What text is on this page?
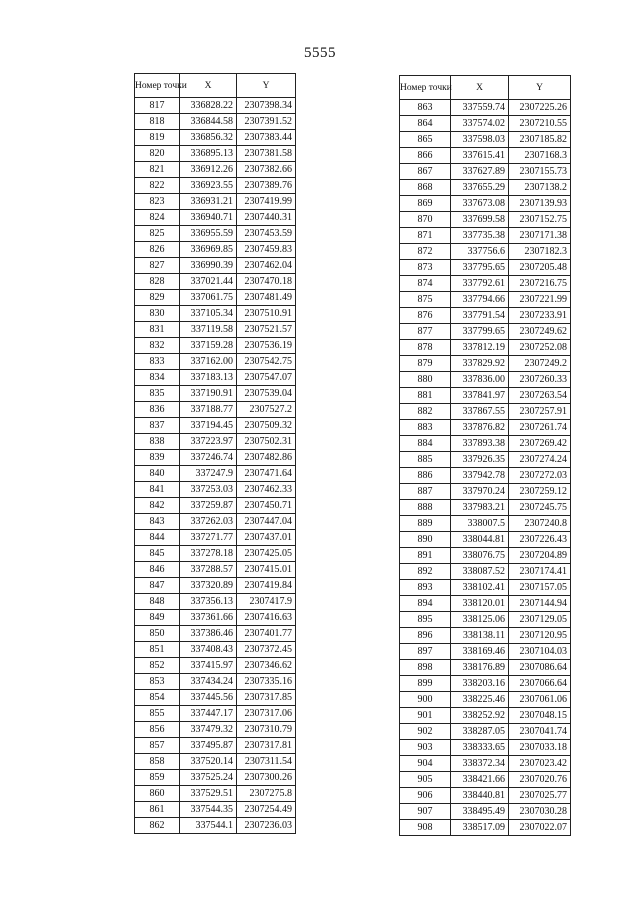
5555
Номер точки	X	Y
817	336828.22	2307398.34
818	336844.58	2307391.52
819	336856.32	2307383.44
820	336895.13	2307381.58
821	336912.26	2307382.66
822	336923.55	2307389.76
823	336931.21	2307419.99
824	336940.71	2307440.31
825	336955.59	2307453.59
826	336969.85	2307459.83
827	336990.39	2307462.04
828	337021.44	2307470.18
829	337061.75	2307481.49
830	337105.34	2307510.91
831	337119.58	2307521.57
832	337159.28	2307536.19
833	337162.00	2307542.75
834	337183.13	2307547.07
835	337190.91	2307539.04
836	337188.77	2307527.2
837	337194.45	2307509.32
838	337223.97	2307502.31
839	337246.74	2307482.86
840	337247.9	2307471.64
841	337253.03	2307462.33
842	337259.87	2307450.71
843	337262.03	2307447.04
844	337271.77	2307437.01
845	337278.18	2307425.05
846	337288.57	2307415.01
847	337320.89	2307419.84
848	337356.13	2307417.9
849	337361.66	2307416.63
850	337386.46	2307401.77
851	337408.43	2307372.45
852	337415.97	2307346.62
853	337434.24	2307335.16
854	337445.56	2307317.85
855	337447.17	2307317.06
856	337479.32	2307310.79
857	337495.87	2307317.81
858	337520.14	2307311.54
859	337525.24	2307300.26
860	337529.51	2307275.8
861	337544.35	2307254.49
862	337544.1	2307236.03
Номер точки	X	Y
863	337559.74	2307225.26
864	337574.02	2307210.55
865	337598.03	2307185.82
866	337615.41	2307168.3
867	337627.89	2307155.73
868	337655.29	2307138.2
869	337673.08	2307139.93
870	337699.58	2307152.75
871	337735.38	2307171.38
872	337756.6	2307182.3
873	337795.65	2307205.48
874	337792.61	2307216.75
875	337794.66	2307221.99
876	337791.54	2307233.91
877	337799.65	2307249.62
878	337812.19	2307252.08
879	337829.92	2307249.2
880	337836.00	2307260.33
881	337841.97	2307263.54
882	337867.55	2307257.91
883	337876.82	2307261.74
884	337893.38	2307269.42
885	337926.35	2307274.24
886	337942.78	2307272.03
887	337970.24	2307259.12
888	337983.21	2307245.75
889	338007.5	2307240.8
890	338044.81	2307226.43
891	338076.75	2307204.89
892	338087.52	2307174.41
893	338102.41	2307157.05
894	338120.01	2307144.94
895	338125.06	2307129.05
896	338138.11	2307120.95
897	338169.46	2307104.03
898	338176.89	2307086.64
899	338203.16	2307066.64
900	338225.46	2307061.06
901	338252.92	2307048.15
902	338287.05	2307041.74
903	338333.65	2307033.18
904	338372.34	2307023.42
905	338421.66	2307020.76
906	338440.81	2307025.77
907	338495.49	2307030.28
908	338517.09	2307022.07
